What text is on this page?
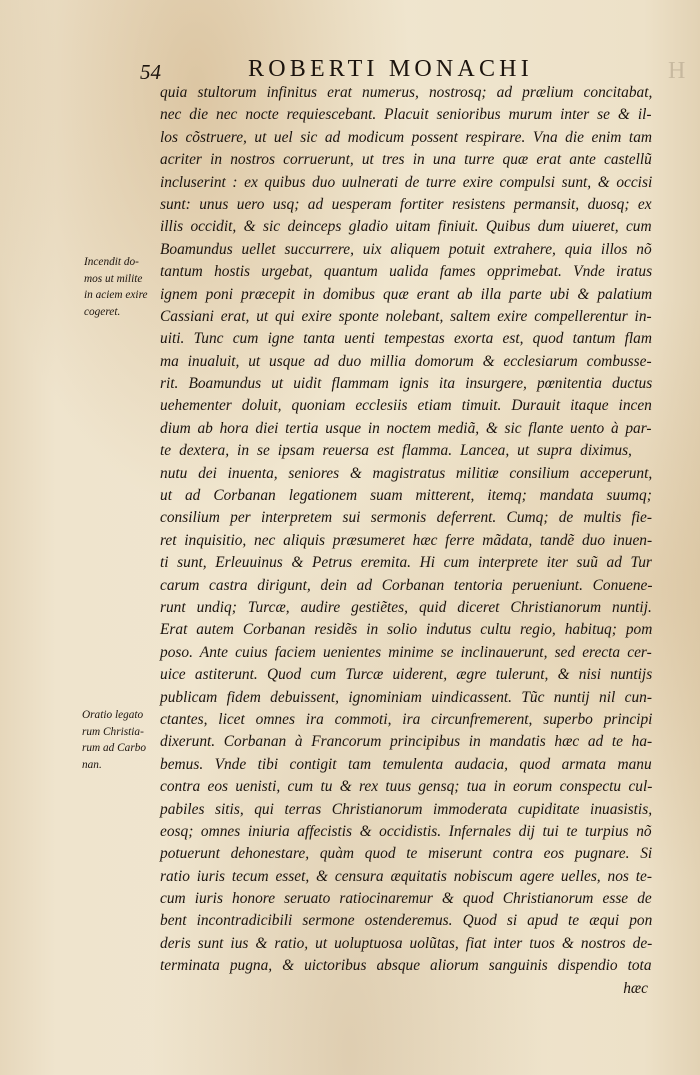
54	ROBERTI MONACHI	H
quia stultorum infinitus erat numerus, nostrosq; ad prælium concitabat,
nec die nec nocte requiescebant. Placuit senioribus murum inter se & il-
los cõstruere, ut uel sic ad modicum possent respirare. Vna die enim tam
acriter in nostros corruerunt, ut tres in una turre quæ erat ante castellũ
incluserint : ex quibus duo uulnerati de turre exire compulsi sunt, & occisi
sunt: unus uero usq; ad uesperam fortiter resistens permansit, duosq; ex
illis occidit, & sic deinceps gladio uitam finiuit. Quibus dum uiueret, cum
Boamundus uellet succurrere, uix aliquem potuit extrahere, quia illos nõ
tantum hostis urgebat, quantum ualida fames opprimebat. Vnde iratus
ignem poni præcepit in domibus quæ erant ab illa parte ubi & palatium
Cassiani erat, ut qui exire sponte nolebant, saltem exire compellerentur in-
uiti. Tunc cum igne tanta uenti tempestas exorta est, quod tantum flam
ma inualuit, ut usque ad duo millia domorum & ecclesiarum combusse-
rit. Boamundus ut uidit flammam ignis ita insurgere, pœnitentia ductus
uehementer doluit, quoniam ecclesiis etiam timuit. Durauit itaque incen
dium ab hora diei tertia usque in noctem mediã, & sic flante uento à par-
te dextera, in se ipsam reuersa est flamma. Lancea, ut supra diximus,
nutu dei inuenta, seniores & magistratus militiæ consilium acceperunt,
ut ad Corbanan legationem suam mitterent, itemq; mandata suumq;
consilium per interpretem sui sermonis deferrent. Cumq; de multis fie-
ret inquisitio, nec aliquis præsumeret hæc ferre mãdata, tandẽ duo inuen-
ti sunt, Erleuuinus & Petrus eremita. Hi cum interprete iter suũ ad Tur
carum castra dirigunt, dein ad Corbanan tentoria perueniunt. Conuene-
runt undiq; Turcæ, audire gestiẽtes, quid diceret Christianorum nuntij.
Erat autem Corbanan residẽs in solio indutus cultu regio, habituq; pom
poso. Ante cuius faciem uenientes minime se inclinauerunt, sed erecta cer-
uice astiterunt. Quod cum Turcæ uiderent, ægre tulerunt, & nisi nuntijs
publicam fidem debuissent, ignominiam uindicassent. Tũc nuntij nil cun-
ctantes, licet omnes ira commoti, ira circunfremerent, superbo principi
dixerunt. Corbanan à Francorum principibus in mandatis hæc ad te ha-
bemus. Vnde tibi contigit tam temulenta audacia, quod armata manu
contra eos uenisti, cum tu & rex tuus gensq; tua in eorum conspectu cul-
pabiles sitis, qui terras Christianorum immoderata cupiditate inuasistis,
eosq; omnes iniuria affecistis & occidistis. Infernales dij tui te turpius nõ
potuerunt dehonestare, quàm quod te miserunt contra eos pugnare. Si
ratio iuris tecum esset, & censura æquitatis nobiscum agere uelles, nos te-
cum iuris honore seruato ratiocinaremur & quod Christianorum esse de
bent incontradicibili sermone ostenderemus. Quod si apud te æqui pon
deris sunt ius & ratio, ut uoluptuosa uolũtas, fiat inter tuos & nostros de-
terminata pugna, & uictoribus absque aliorum sanguinis dispendio tota
hæc
Incendit do-
mos ut milite
in aciem exire
cogeret.
Oratio legato
rum Christia-
rum ad Carbo
nan.
